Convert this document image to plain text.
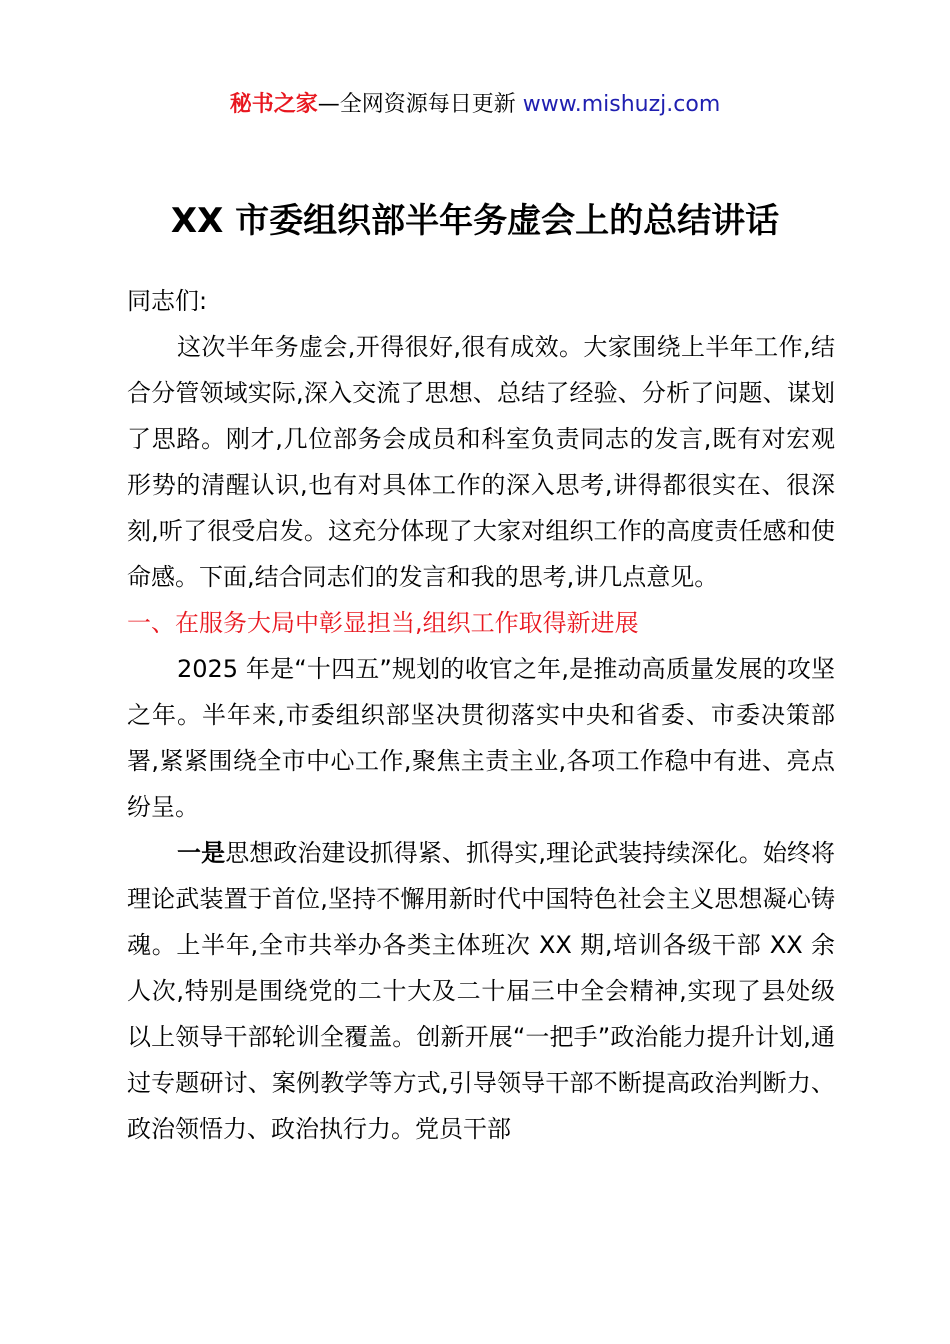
秘书之家—全网资源每日更新 www.mishuzj.com
XX 市委组织部半年务虚会上的总结讲话

同志们:

这次半年务虚会,开得很好,很有成效。大家围绕上半年工作,结合分管领域实际,深入交流了思想、总结了经验、分析了问题、谋划了思路。刚才,几位部务会成员和科室负责同志的发言,既有对宏观形势的清醒认识,也有对具体工作的深入思考,讲得都很实在、很深刻,听了很受启发。这充分体现了大家对组织工作的高度责任感和使命感。下面,结合同志们的发言和我的思考,讲几点意见。

一、在服务大局中彰显担当,组织工作取得新进展

2025 年是“十四五”规划的收官之年,是推动高质量发展的攻坚之年。半年来,市委组织部坚决贯彻落实中央和省委、市委决策部署,紧紧围绕全市中心工作,聚焦主责主业,各项工作稳中有进、亮点纷呈。

一是思想政治建设抓得紧、抓得实,理论武装持续深化。始终将理论武装置于首位,坚持不懈用新时代中国特色社会主义思想凝心铸魂。上半年,全市共举办各类主体班次 XX 期,培训各级干部 XX 余人次,特别是围绕党的二十大及二十届三中全会精神,实现了县处级以上领导干部轮训全覆盖。创新开展“一把手”政治能力提升计划,通过专题研讨、案例教学等方式,引导领导干部不断提高政治判断力、政治领悟力、政治执行力。党员干部
